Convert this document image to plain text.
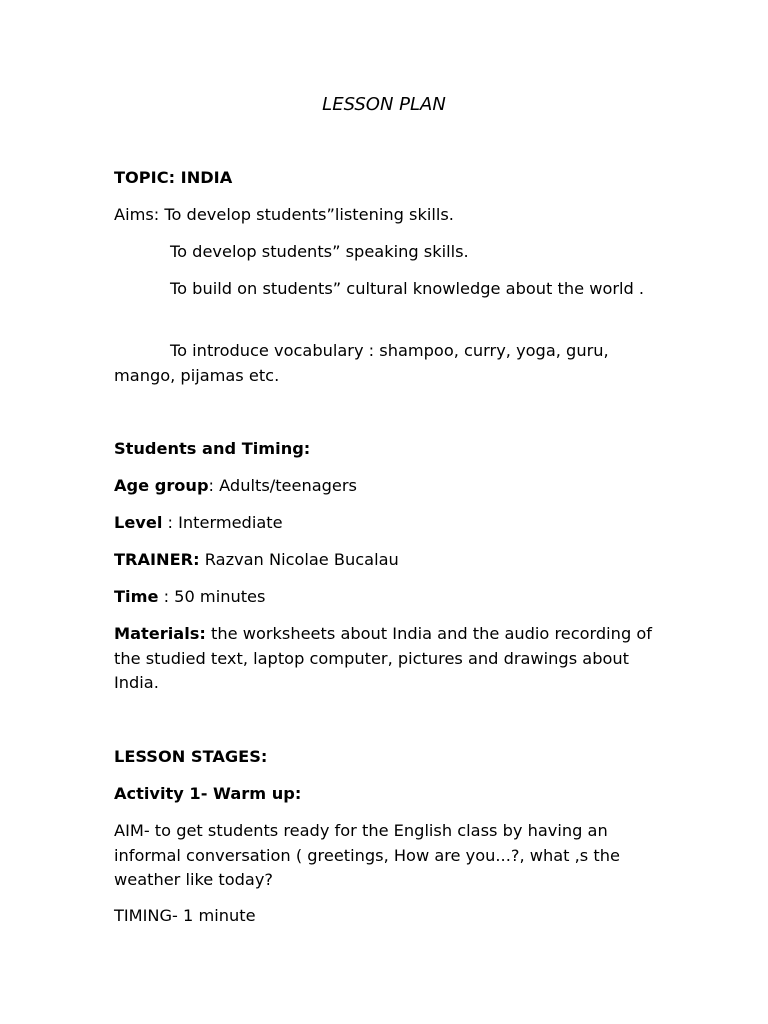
LESSON PLAN
TOPIC: INDIA
Aims: To develop students”listening skills.
To develop students” speaking skills.
To build on students” cultural knowledge about the world .
To introduce vocabulary : shampoo, curry, yoga, guru, mango, pijamas etc.
Students and Timing:
Age group: Adults/teenagers
Level : Intermediate
TRAINER: Razvan Nicolae Bucalau
Time : 50 minutes
Materials: the worksheets about India and the audio recording of the studied text, laptop computer, pictures and drawings about India.
LESSON STAGES:
Activity 1- Warm up:
AIM- to get students ready for the English class by having an informal conversation ( greetings, How are you...?, what ,s the weather like today?
TIMING- 1 minute
